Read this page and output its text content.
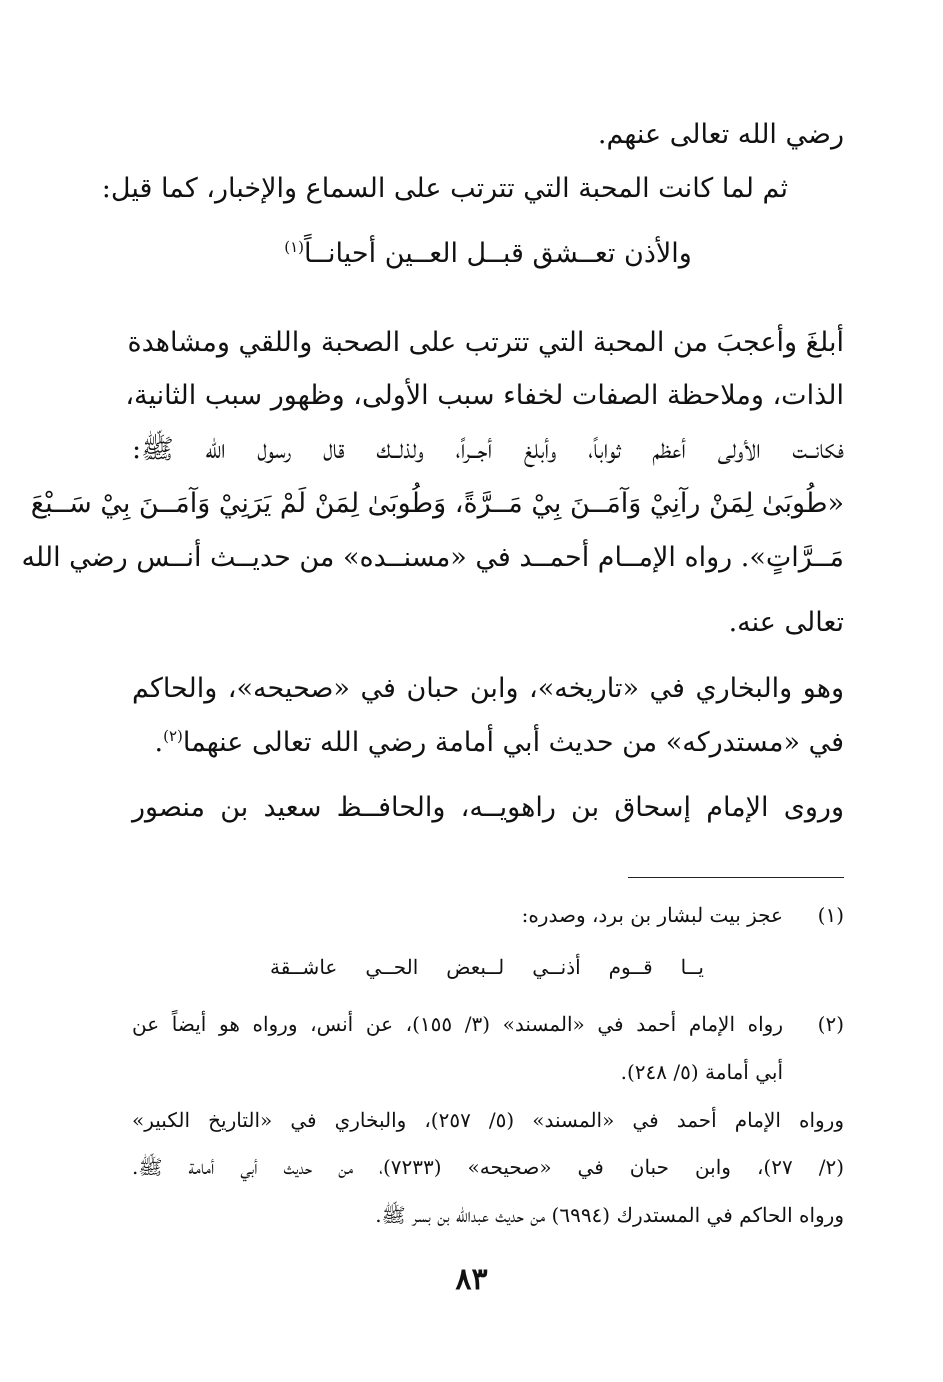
رضي الله تعالى عنهم.
ثم لما كانت المحبة التي تترتب على السماع والإخبار، كما قيل:
أبلغَ وأعجبَ من المحبة التي تترتب على الصحبة واللقي ومشاهدة
الذات، وملاحظة الصفات لخفاء سبب الأولى، وظهور سبب الثانية،
فكانــت الأولى أعظم ثواباً، وأبلغ أجــراً، ولذلــك قال رسول الله ﷺ:
«طُوبَىٰ لِمَنْ رآنِيْ وَآمَــنَ بِيْ مَــرَّةً، وَطُوبَىٰ لِمَنْ لَمْ يَرَنِيْ وَآمَــنَ بِيْ سَــبْعَ
مَــرَّاتٍ». رواه الإمــام أحمــد في «مسنــده» من حديــث أنــس رضي الله
تعالى عنه.
وهو والبخاري في «تاريخه»، وابن حبان في «صحيحه»، والحاكم
في «مستدركه» من حديث أبي أمامة رضي الله تعالى عنهما$^{(٢)}$.
وروى الإمام إسحاق بن راهويــه، والحافــظ سعيد بن منصور
والأذن تعــشق قبــل العــين أحيانــاً$^{(١)}$
(١)
عجز بيت لبشار بن برد، وصدره:
يــا قــوم أذنــي لــبعض الحــي عاشــقة
(٢)
رواه الإمام أحمد في «المسند» (٣/ ١٥٥)، عن أنس، ورواه هو أيضاً عن
أبي أمامة (٥/ ٢٤٨).
ورواه الإمام أحمد في «المسند» (٥/ ٢٥٧)، والبخاري في «التاريخ الكبير»
(٢/ ٢٧)، وابن حبان في «صحيحه» (٧٢٣٣)، من حديث أبي أمامة ﷺ.
ورواه الحاكم في المستدرك (٦٩٩٤) من حديث عبدالله بن بسر ﷺ.
٨٣
